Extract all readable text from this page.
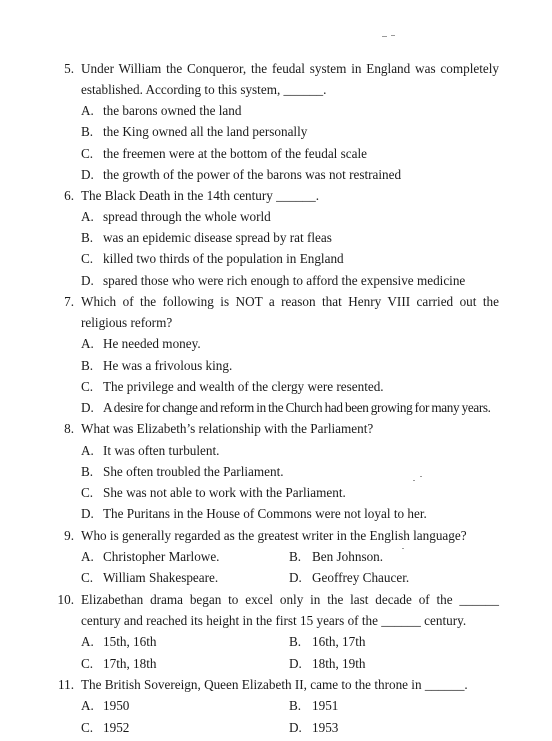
5. Under William the Conqueror, the feudal system in England was completely
established. According to this system, ______.
A. the barons owned the land
B. the King owned all the land personally
C. the freemen were at the bottom of the feudal scale
D. the growth of the power of the barons was not restrained
6. The Black Death in the 14th century ______.
A. spread through the whole world
B. was an epidemic disease spread by rat fleas
C. killed two thirds of the population in England
D. spared those who were rich enough to afford the expensive medicine
7. Which of the following is NOT a reason that Henry VIII carried out the
religious reform?
A. He needed money.
B. He was a frivolous king.
C. The privilege and wealth of the clergy were resented.
D. A desire for change and reform in the Church had been growing for many years.
8. What was Elizabeth’s relationship with the Parliament?
A. It was often turbulent.
B. She often troubled the Parliament.
C. She was not able to work with the Parliament.
D. The Puritans in the House of Commons were not loyal to her.
9. Who is generally regarded as the greatest writer in the English language?
A. Christopher Marlowe.	B. Ben Johnson.
C. William Shakespeare.	D. Geoffrey Chaucer.
10. Elizabethan drama began to excel only in the last decade of the ______
century and reached its height in the first 15 years of the ______ century.
A. 15th, 16th	B. 16th, 17th
C. 17th, 18th	D. 18th, 19th
11. The British Sovereign, Queen Elizabeth II, came to the throne in ______.
A. 1950	B. 1951
C. 1952	D. 1953
